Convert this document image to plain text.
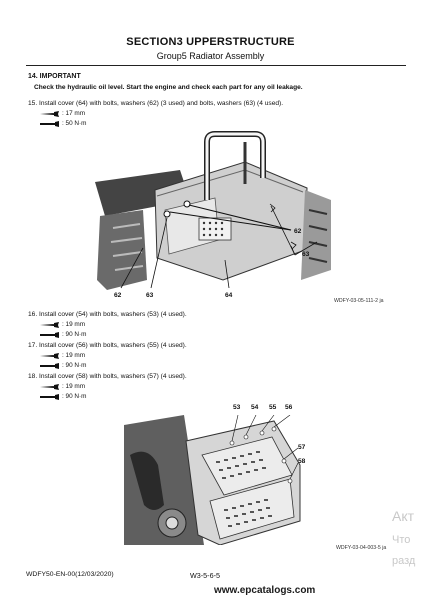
SECTION3 UPPERSTRUCTURE
Group5 Radiator Assembly
14. IMPORTANT
Check the hydraulic oil level. Start the engine and check each part for any oil leakage.
15. Install cover (64) with bolts, washers (62) (3 used) and bolts, washers (63) (4 used).
: 17 mm
: 50 N·m
62
63
62	63	64
WDFY-03-05-111-2 ja
16. Install cover (54) with bolts, washers (53) (4 used).
: 19 mm
: 90 N·m
17. Install cover (56) with bolts, washers (55) (4 used).
: 19 mm
: 90 N·m
18. Install cover (58) with bolts, washers (57) (4 used).
: 19 mm
: 90 N·m
53 54 55 56
57
58
WDFY-03-04-003-5 ja
WDFY50-EN-00(12/03/2020)	W3-5-6-5
www.epcatalogs.com
Акт
Что
разд
